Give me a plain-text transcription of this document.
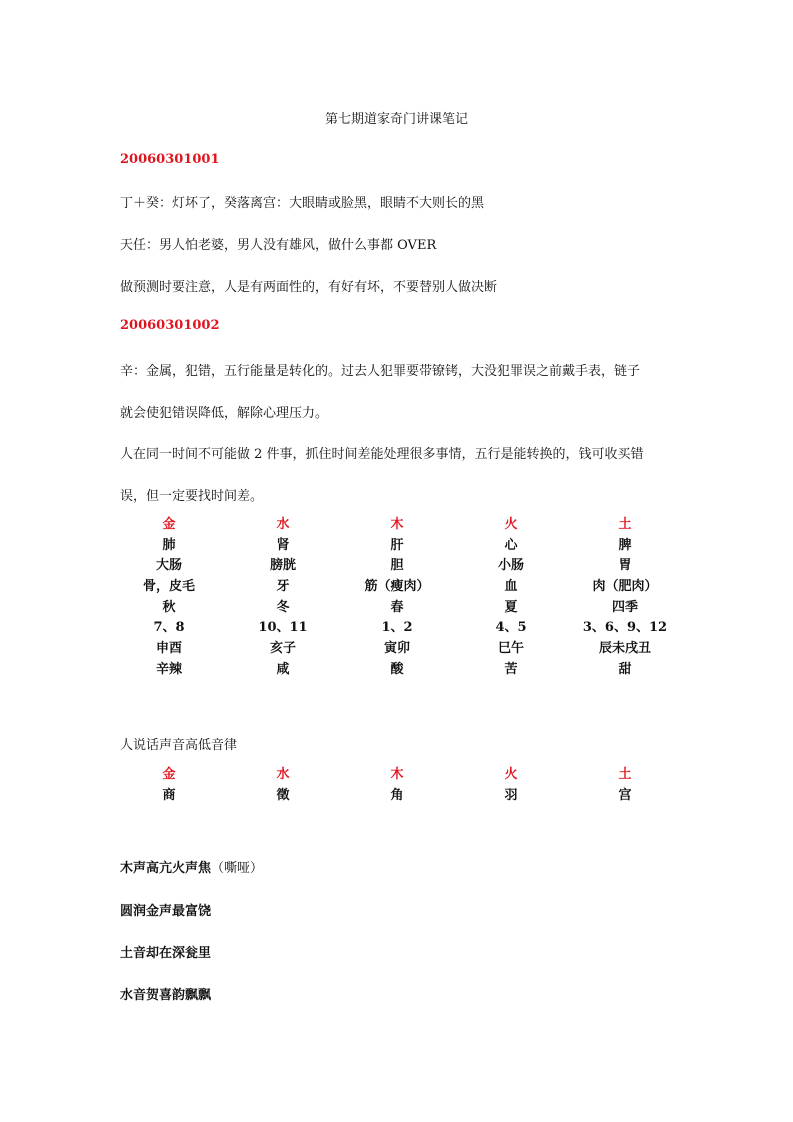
第七期道家奇门讲课笔记
20060301001
丁＋癸：灯坏了，癸落离宫：大眼睛或脸黑，眼睛不大则长的黑
天任：男人怕老婆，男人没有雄风，做什么事都 OVER
做预测时要注意，人是有两面性的，有好有坏，不要替别人做决断
20060301002
辛：金属，犯错，五行能量是转化的。过去人犯罪要带镣铐，大没犯罪误之前戴手表，链子
就会使犯错误降低，解除心理压力。
人在同一时间不可能做 2 件事，抓住时间差能处理很多事情，五行是能转换的，钱可收买错
误，但一定要找时间差。
金	水	木	火	土
肺	肾	肝	心	脾
大肠	膀胱	胆	小肠	胃
骨，皮毛	牙	筋（瘦肉）	血	肉（肥肉）
秋	冬	春	夏	四季
7、8	10、11	1、2	4、5	3、6、9、12
申酉	亥子	寅卯	巳午	辰未戌丑
辛辣	咸	酸	苦	甜
人说话声音高低音律
金	水	木	火	土
商	徵	角	羽	宫
木声高亢火声焦（嘶哑）
圆润金声最富饶
土音却在深瓮里
水音贺喜韵飘飘
